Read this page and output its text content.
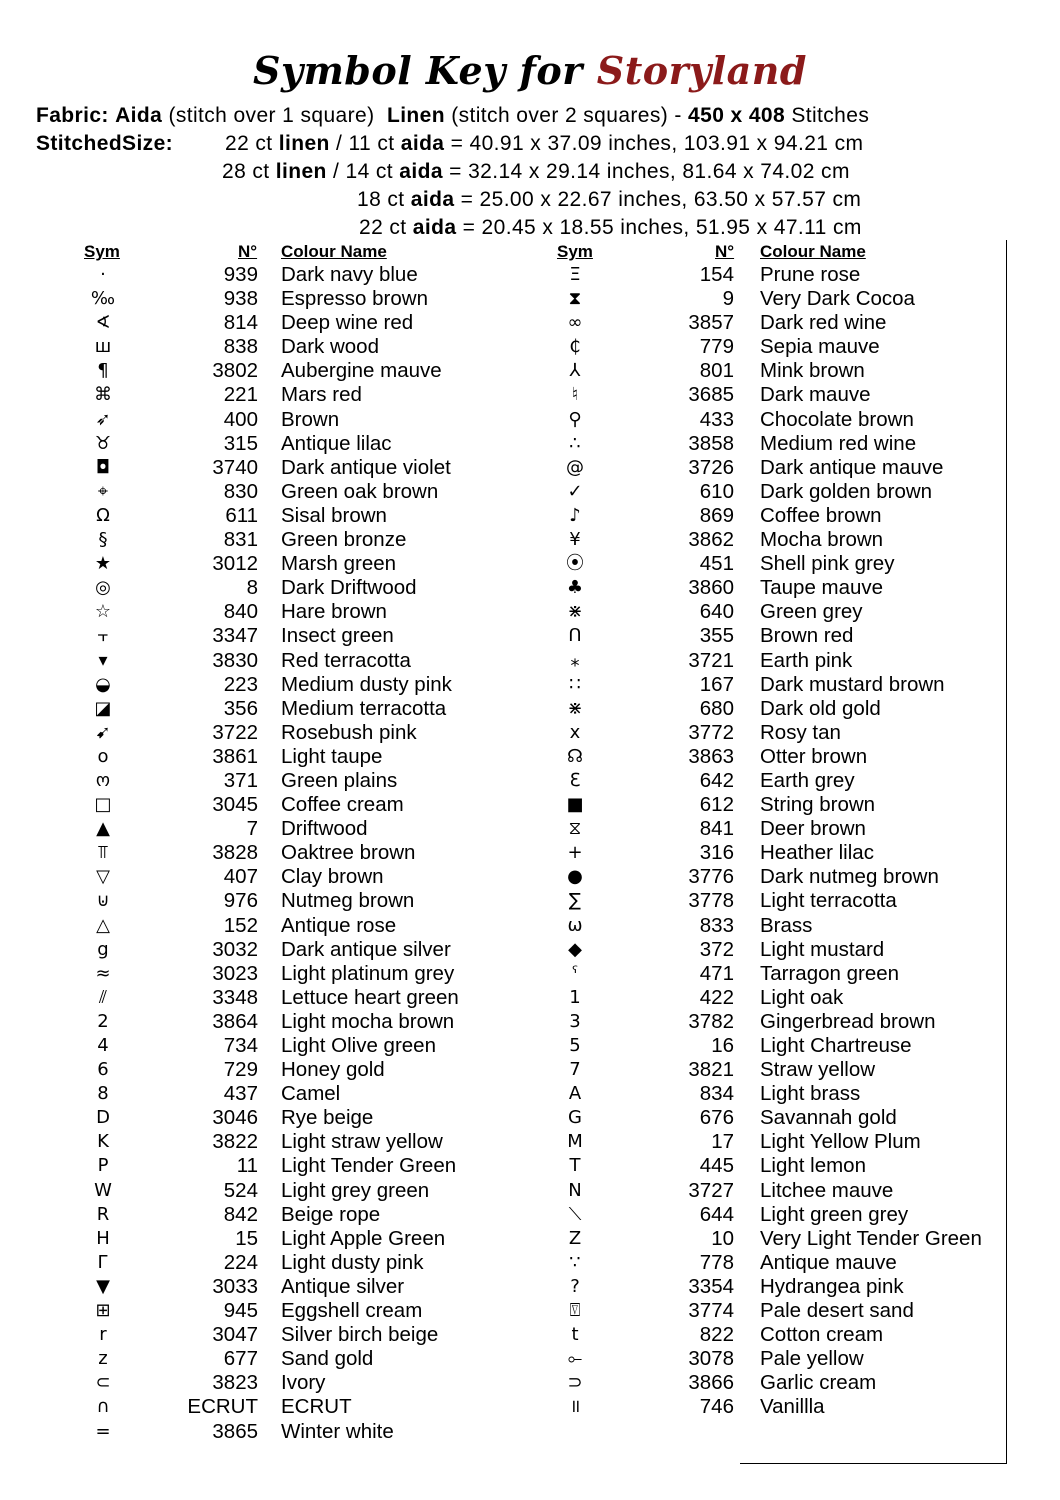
Symbol Key for Storyland
Fabric: Aida (stitch over 1 square) Linen (stitch over 2 squares) - 450 x 408 Stitches
StitchedSize: 22 ct linen / 11 ct aida = 40.91 x 37.09 inches, 103.91 x 94.21 cm
28 ct linen / 14 ct aida = 32.14 x 29.14 inches, 81.64 x 74.02 cm
18 ct aida = 25.00 x 22.67 inches, 63.50 x 57.57 cm
22 ct aida = 20.45 x 18.55 inches, 51.95 x 47.11 cm
Sym	N° Colour Name	Sym	N° Colour Name
·	939 Dark navy blue
‰	938 Espresso brown
∢	814 Deep wine red
ш	838 Dark wood
¶	3802 Aubergine mauve
⌘	221 Mars red
➶	400 Brown
♉	315 Antique lilac
◘	3740 Dark antique violet
⌖	830 Green oak brown
Ω	611 Sisal brown
§	831 Green bronze
★	3012 Marsh green
◎	8 Dark Driftwood
☆	840 Hare brown
⫟	3347 Insect green
▾	3830 Red terracotta
◒	223 Medium dusty pink
◪	356 Medium terracotta
➹	3722 Rosebush pink
o	3861 Light taupe
ო	371 Green plains
□	3045 Coffee cream
▲	7 Driftwood
⫪	3828 Oaktree brown
▽	407 Clay brown
⊍	976 Nutmeg brown
△	152 Antique rose
g	3032 Dark antique silver
≈	3023 Light platinum grey
⫽	3348 Lettuce heart green
2	3864 Light mocha brown
4	734 Light Olive green
6	729 Honey gold
8	437 Camel
D	3046 Rye beige
K	3822 Light straw yellow
P	11 Light Tender Green
W	524 Light grey green
R	842 Beige rope
H	15 Light Apple Green
Г	224 Light dusty pink
▼	3033 Antique silver
⊞	945 Eggshell cream
r	3047 Silver birch beige
z	677 Sand gold
⊂	3823 Ivory
∩	ECRUT ECRUT
=	3865 Winter white
Ξ	154 Prune rose
⧗	9 Very Dark Cocoa
∞	3857 Dark red wine
₵	779 Sepia mauve
⅄	801 Mink brown
♮	3685 Dark mauve
⚲	433 Chocolate brown
∴	3858 Medium red wine
@	3726 Dark antique mauve
✓	610 Dark golden brown
♪	869 Coffee brown
¥	3862 Mocha brown
⦿	451 Shell pink grey
♣	3860 Taupe mauve
⋇	640 Green grey
ᑎ	355 Brown red
⁎	3721 Earth pink
∷	167 Dark mustard brown
⋇	680 Dark old gold
x	3772 Rosy tan
☊	3863 Otter brown
ℇ	642 Earth grey
■	612 String brown
⧖	841 Deer brown
+	316 Heather lilac
●	3776 Dark nutmeg brown
∑	3778 Light terracotta
ω	833 Brass
◆	372 Light mustard
ˁ	471 Tarragon green
1	422 Light oak
3	3782 Gingerbread brown
5	16 Light Chartreuse
7	3821 Straw yellow
A	834 Light brass
G	676 Savannah gold
M	17 Light Yellow Plum
T	445 Light lemon
N	3727 Litchee mauve
⟍	644 Light green grey
Z	10 Very Light Tender Green
∵	778 Antique mauve
?	3354 Hydrangea pink
⍔	3774 Pale desert sand
t	822 Cotton cream
⟜	3078 Pale yellow
⊃	3866 Garlic cream
॥	746 Vanillla
